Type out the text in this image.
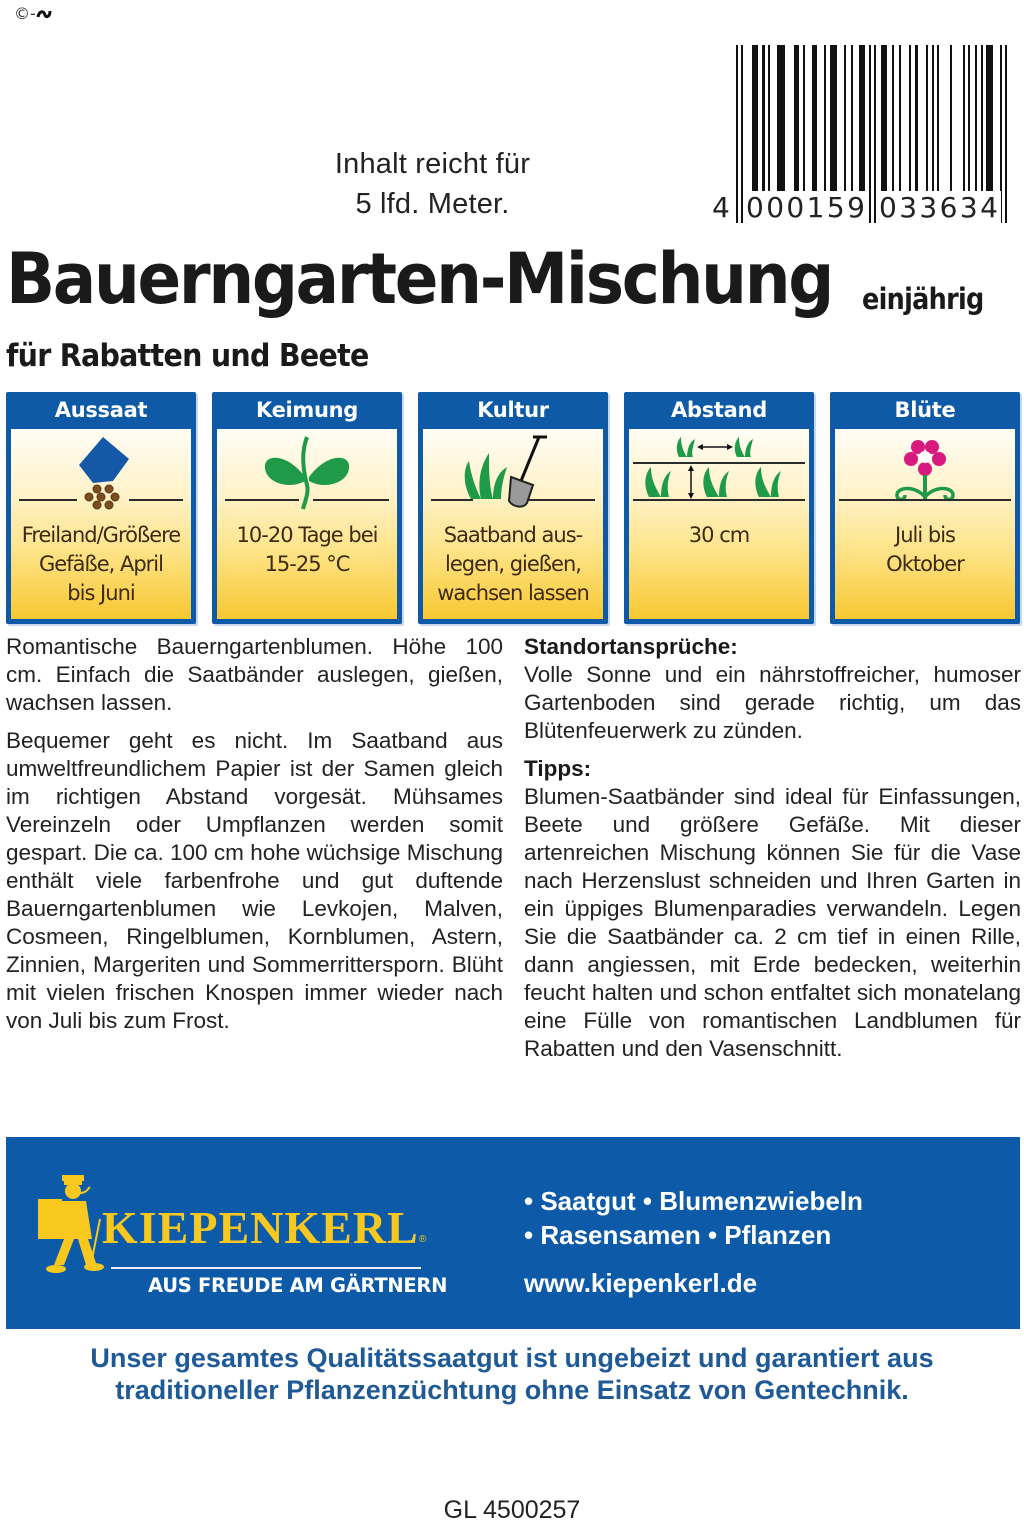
©-
Inhalt reicht für
5 lfd. Meter.	4 000159 033634
Bauerngarten-Mischung einjährig
für Rabatten und Beete
Aussaat
Freiland/Größere
Gefäße, April
bis Juni
Keimung
10-20 Tage bei
15-25 °C
Kultur
Saatband aus-
legen, gießen,
wachsen lassen
Abstand
30 cm
Blüte
Juli bis
Oktober

Romantische Bauerngartenblumen. Höhe 100 cm. Einfach die Saatbänder auslegen, gießen, wachsen lassen.

Bequemer geht es nicht. Im Saatband aus umweltfreundlichem Papier ist der Samen gleich im richtigen Abstand vorgesät. Mühsames Vereinzeln oder Umpflanzen werden somit gespart. Die ca. 100 cm hohe wüchsige Mischung enthält viele farbenfrohe und gut duftende Bauerngartenblumen wie Levkojen, Malven, Cosmeen, Ringelblumen, Kornblumen, Astern, Zinnien, Margeriten und Sommerrittersporn. Blüht mit vielen frischen Knospen immer wieder nach von Juli bis zum Frost.

Standortansprüche:
Volle Sonne und ein nährstoffreicher, humoser Gartenboden sind gerade richtig, um das Blütenfeuerwerk zu zünden.
Tipps:
Blumen-Saatbänder sind ideal für Einfassungen, Beete und größere Gefäße. Mit dieser artenreichen Mischung können Sie für die Vase nach Herzenslust schneiden und Ihren Garten in ein üppiges Blumenparadies verwandeln. Legen Sie die Saatbänder ca. 2 cm tief in einen Rille, dann angiessen, mit Erde bedecken, weiterhin feucht halten und schon entfaltet sich monatelang eine Fülle von romantischen Landblumen für Rabatten und den Vasenschnitt.
KIEPENKERL ®
AUS FREUDE AM GÄRTNERN
• Saatgut • Blumenzwiebeln
• Rasensamen • Pflanzen
www.kiepenkerl.de
Unser gesamtes Qualitätssaatgut ist ungebeizt und garantiert aus
traditioneller Pflanzenzüchtung ohne Einsatz von Gentechnik.
GL 4500257
